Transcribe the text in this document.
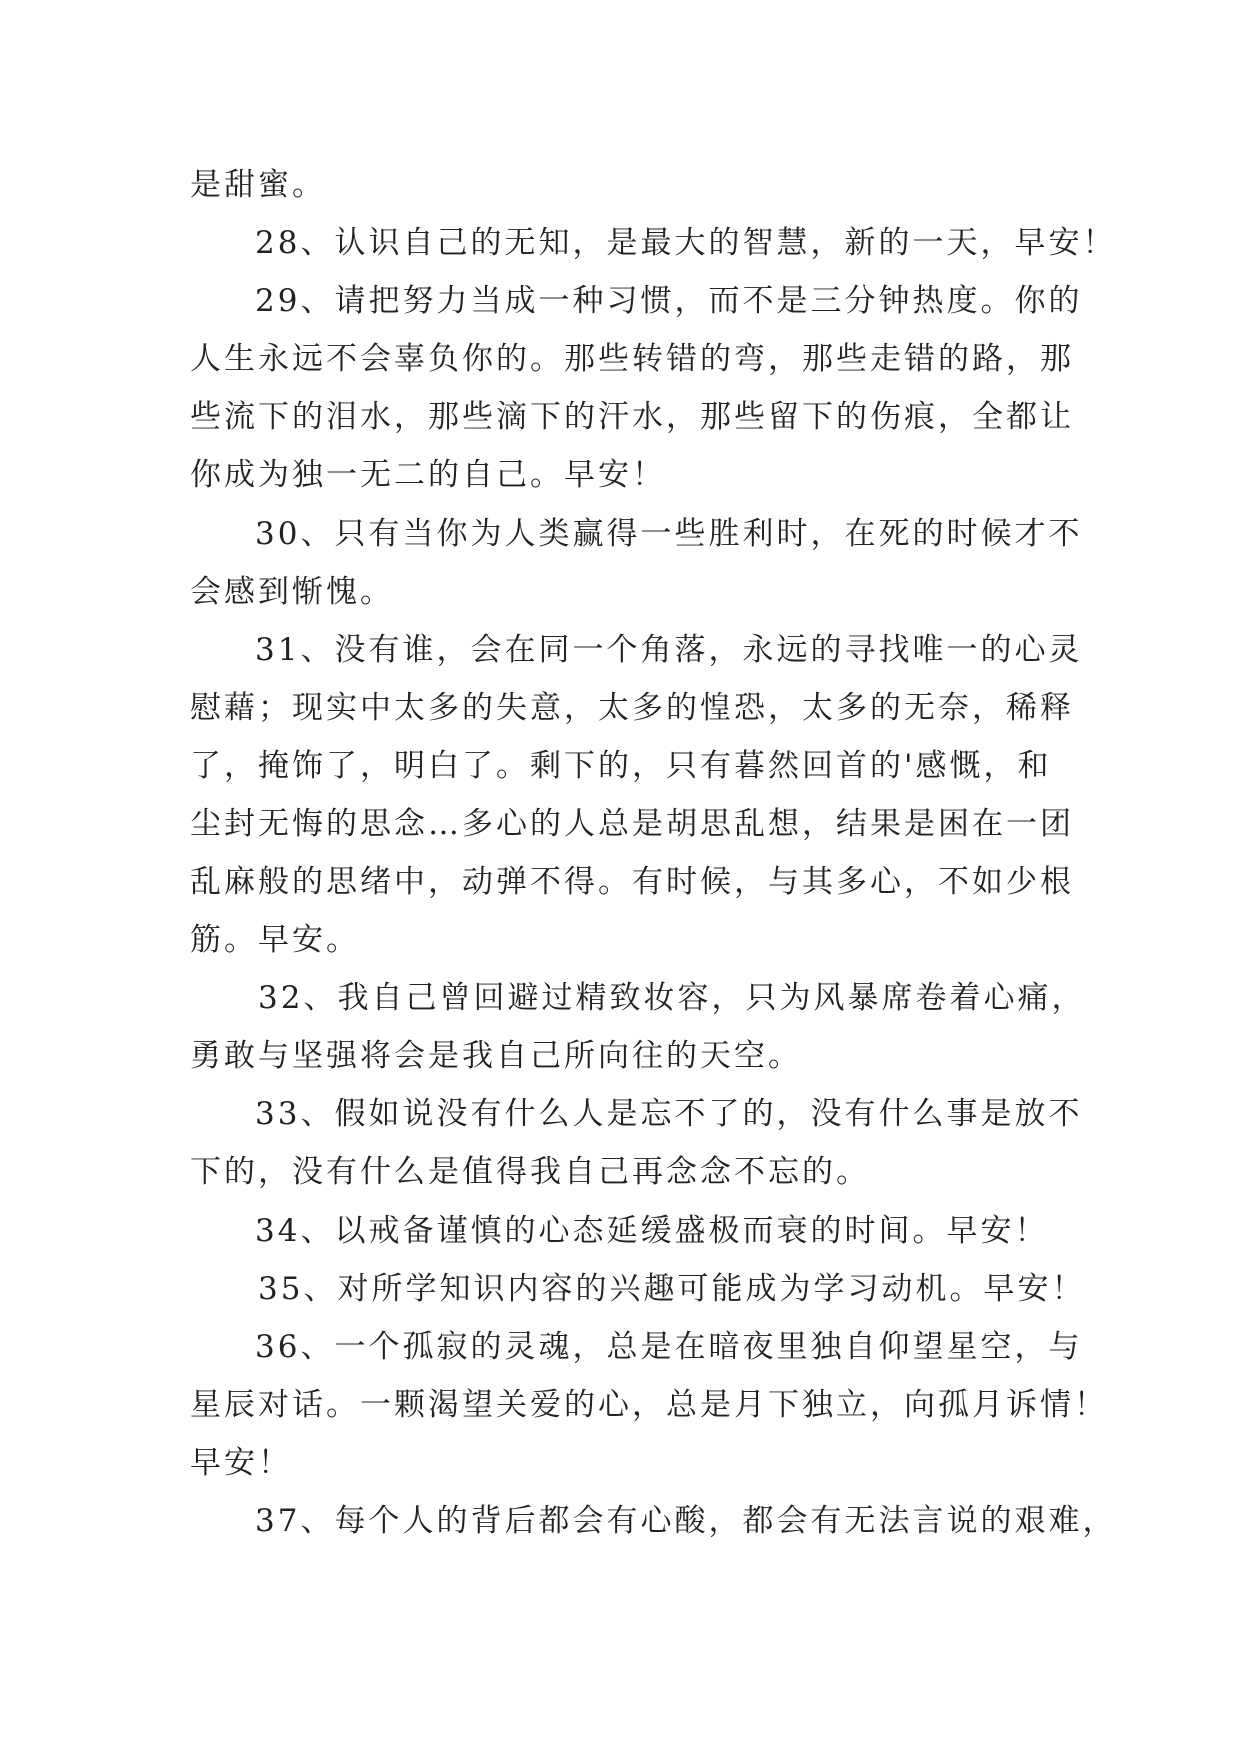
是甜蜜。

28、认识自己的无知，是最大的智慧，新的一天，早安！

29、请把努力当成一种习惯，而不是三分钟热度。你的

人生永远不会辜负你的。那些转错的弯，那些走错的路，那

些流下的泪水，那些滴下的汗水，那些留下的伤痕，全都让

你成为独一无二的自己。早安！

30、只有当你为人类赢得一些胜利时，在死的时候才不

会感到惭愧。

31、没有谁，会在同一个角落，永远的寻找唯一的心灵

慰藉；现实中太多的失意，太多的惶恐，太多的无奈，稀释

了，掩饰了，明白了。剩下的，只有暮然回首的'感慨，和

尘封无悔的思念…多心的人总是胡思乱想，结果是困在一团

乱麻般的思绪中，动弹不得。有时候，与其多心，不如少根

筋。早安。

32、我自己曾回避过精致妆容，只为风暴席卷着心痛，

勇敢与坚强将会是我自己所向往的天空。

33、假如说没有什么人是忘不了的，没有什么事是放不

下的，没有什么是值得我自己再念念不忘的。

34、以戒备谨慎的心态延缓盛极而衰的时间。早安！

35、对所学知识内容的兴趣可能成为学习动机。早安！

36、一个孤寂的灵魂，总是在暗夜里独自仰望星空，与

星辰对话。一颗渴望关爱的心，总是月下独立，向孤月诉情！

早安！

37、每个人的背后都会有心酸，都会有无法言说的艰难，
